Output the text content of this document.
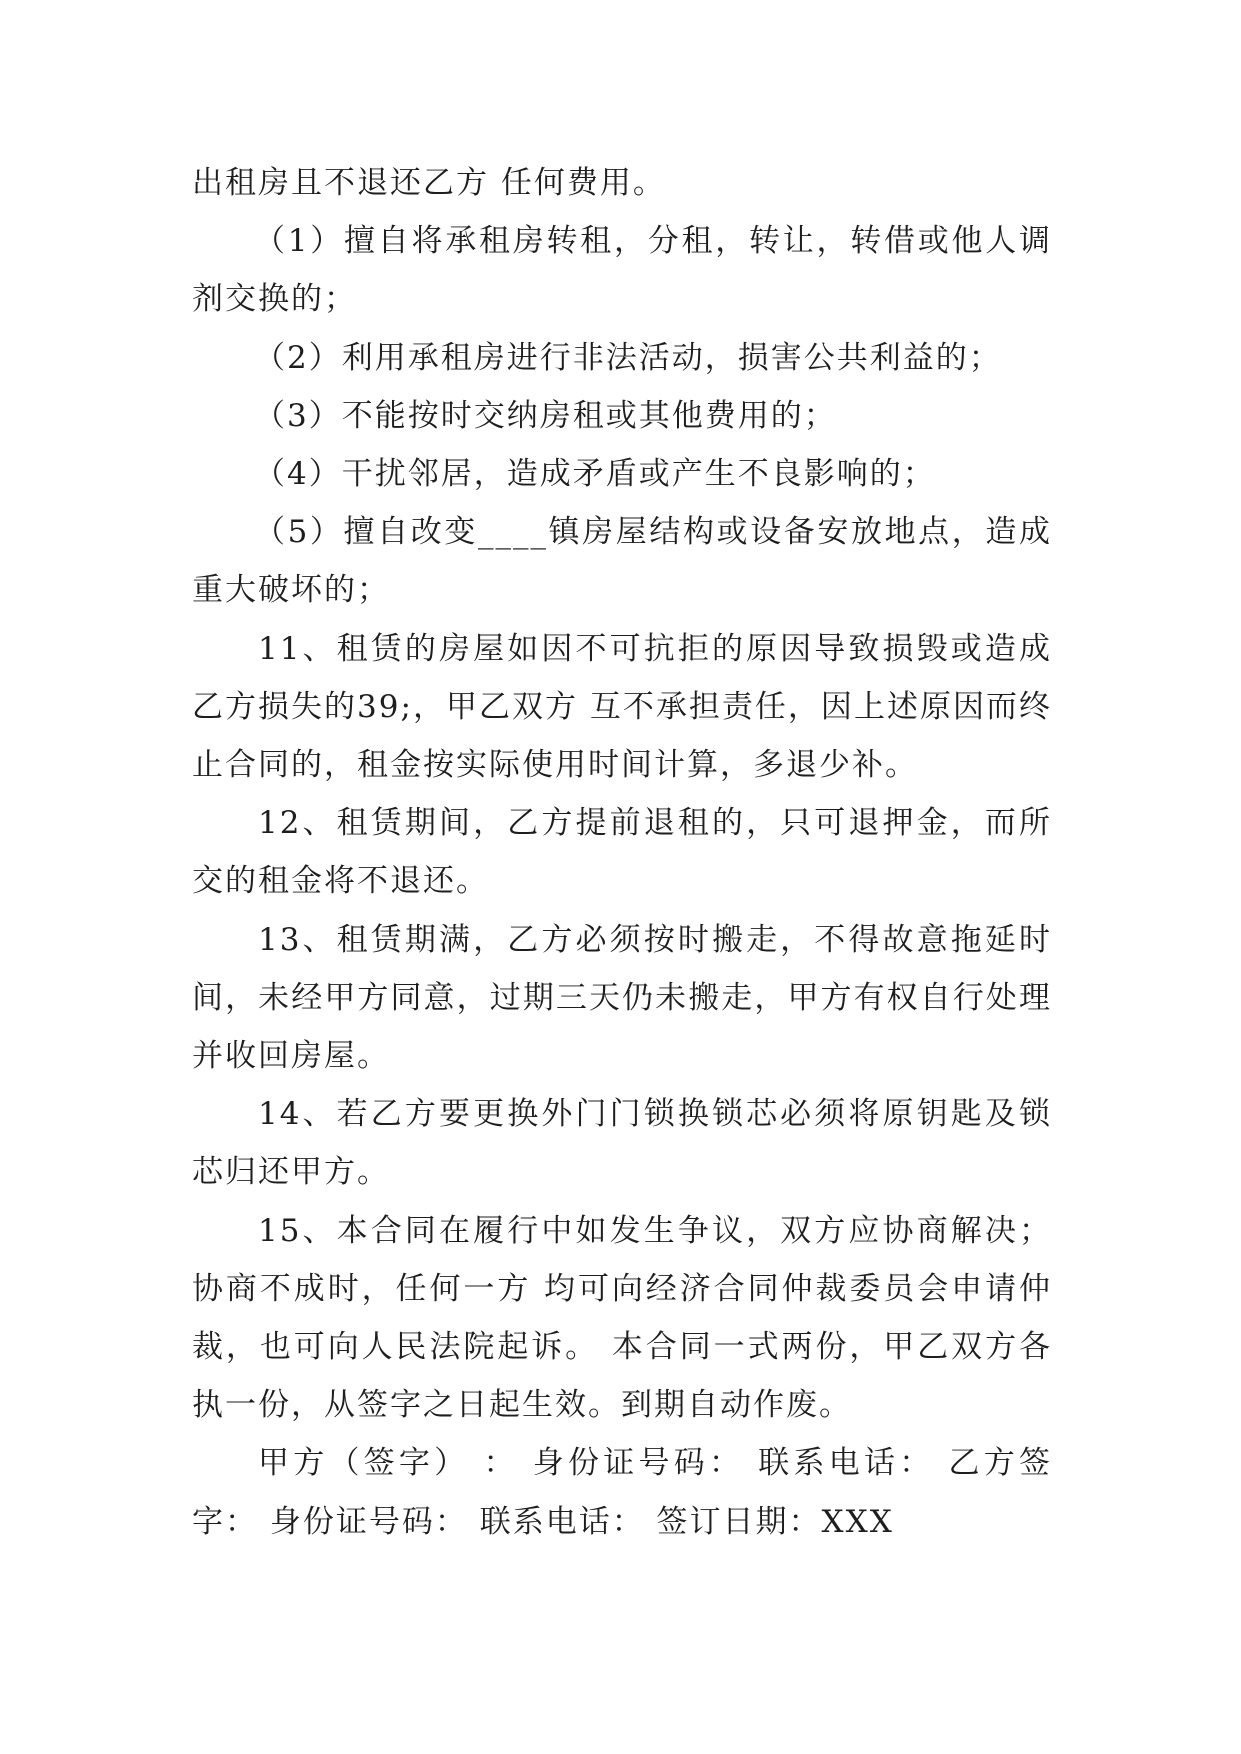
出租房且不退还乙方 任何费用。

（1）擅自将承租房转租，分租，转让，转借或他人调剂交换的；

（2）利用承租房进行非法活动，损害公共利益的；

（3）不能按时交纳房租或其他费用的；

（4）干扰邻居，造成矛盾或产生不良影响的；

（5）擅自改变____镇房屋结构或设备安放地点，造成重大破坏的；

11、租赁的房屋如因不可抗拒的原因导致损毁或造成乙方损失的39;，甲乙双方 互不承担责任，因上述原因而终止合同的，租金按实际使用时间计算，多退少补。

12、租赁期间，乙方提前退租的，只可退押金，而所交的租金将不退还。

13、租赁期满，乙方必须按时搬走，不得故意拖延时间，未经甲方同意，过期三天仍未搬走，甲方有权自行处理并收回房屋。

14、若乙方要更换外门门锁换锁芯必须将原钥匙及锁芯归还甲方。

15、本合同在履行中如发生争议，双方应协商解决；协商不成时，任何一方 均可向经济合同仲裁委员会申请仲裁，也可向人民法院起诉。 本合同一式两份，甲乙双方各执一份，从签字之日起生效。到期自动作废。

甲方（签字） ： 身份证号码： 联系电话： 乙方签字： 身份证号码： 联系电话： 签订日期：XXX
